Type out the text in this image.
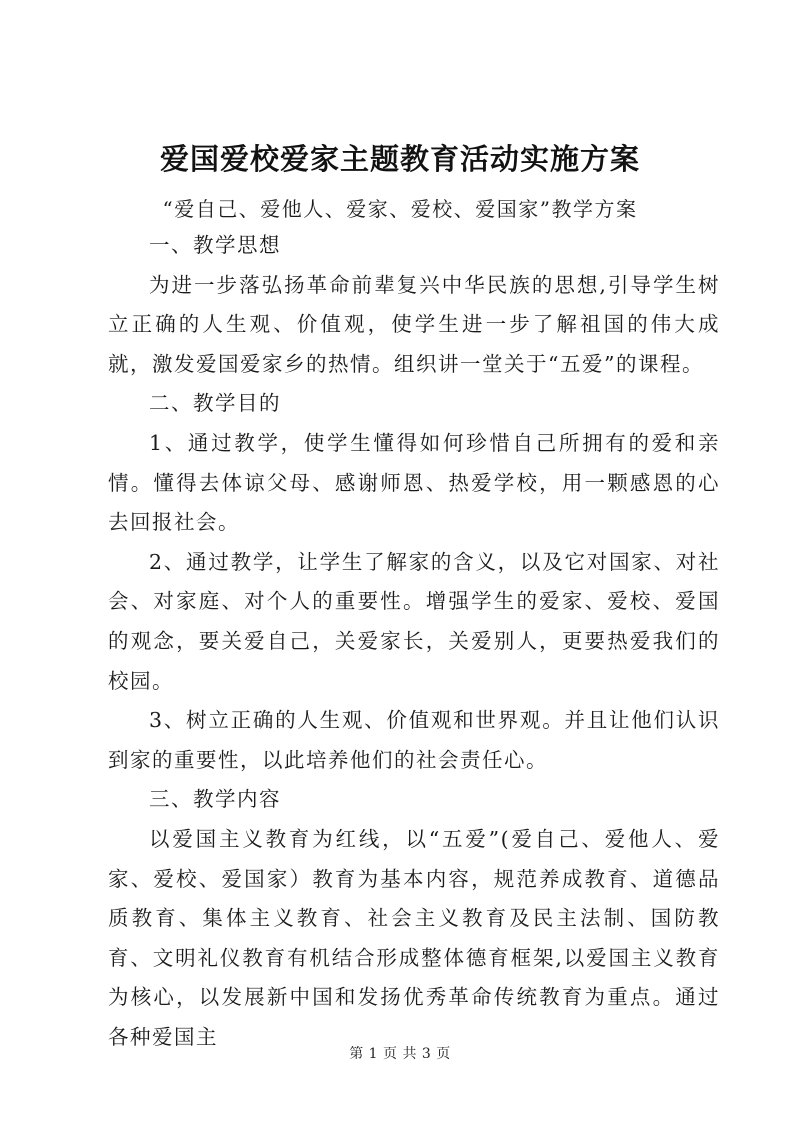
爱国爱校爱家主题教育活动实施方案
“爱自己、爱他人、爱家、爱校、爱国家”教学方案

一、教学思想

为进一步落弘扬革命前辈复兴中华民族的思想,引导学生树立正确的人生观、价值观，使学生进一步了解祖国的伟大成就，激发爱国爱家乡的热情。组织讲一堂关于“五爱”的课程。

二、教学目的

1、通过教学，使学生懂得如何珍惜自己所拥有的爱和亲情。懂得去体谅父母、感谢师恩、热爱学校，用一颗感恩的心去回报社会。

2、通过教学，让学生了解家的含义，以及它对国家、对社会、对家庭、对个人的重要性。增强学生的爱家、爱校、爱国的观念，要关爱自己，关爱家长，关爱别人，更要热爱我们的校园。

3、树立正确的人生观、价值观和世界观。并且让他们认识到家的重要性，以此培养他们的社会责任心。

三、教学内容

以爱国主义教育为红线，以“五爱”(爱自己、爱他人、爱家、爱校、爱国家）教育为基本内容，规范养成教育、道德品质教育、集体主义教育、社会主义教育及民主法制、国防教育、文明礼仪教育有机结合形成整体德育框架,以爱国主义教育为核心，以发展新中国和发扬优秀革命传统教育为重点。通过各种爱国主

第 1 页 共 3 页
